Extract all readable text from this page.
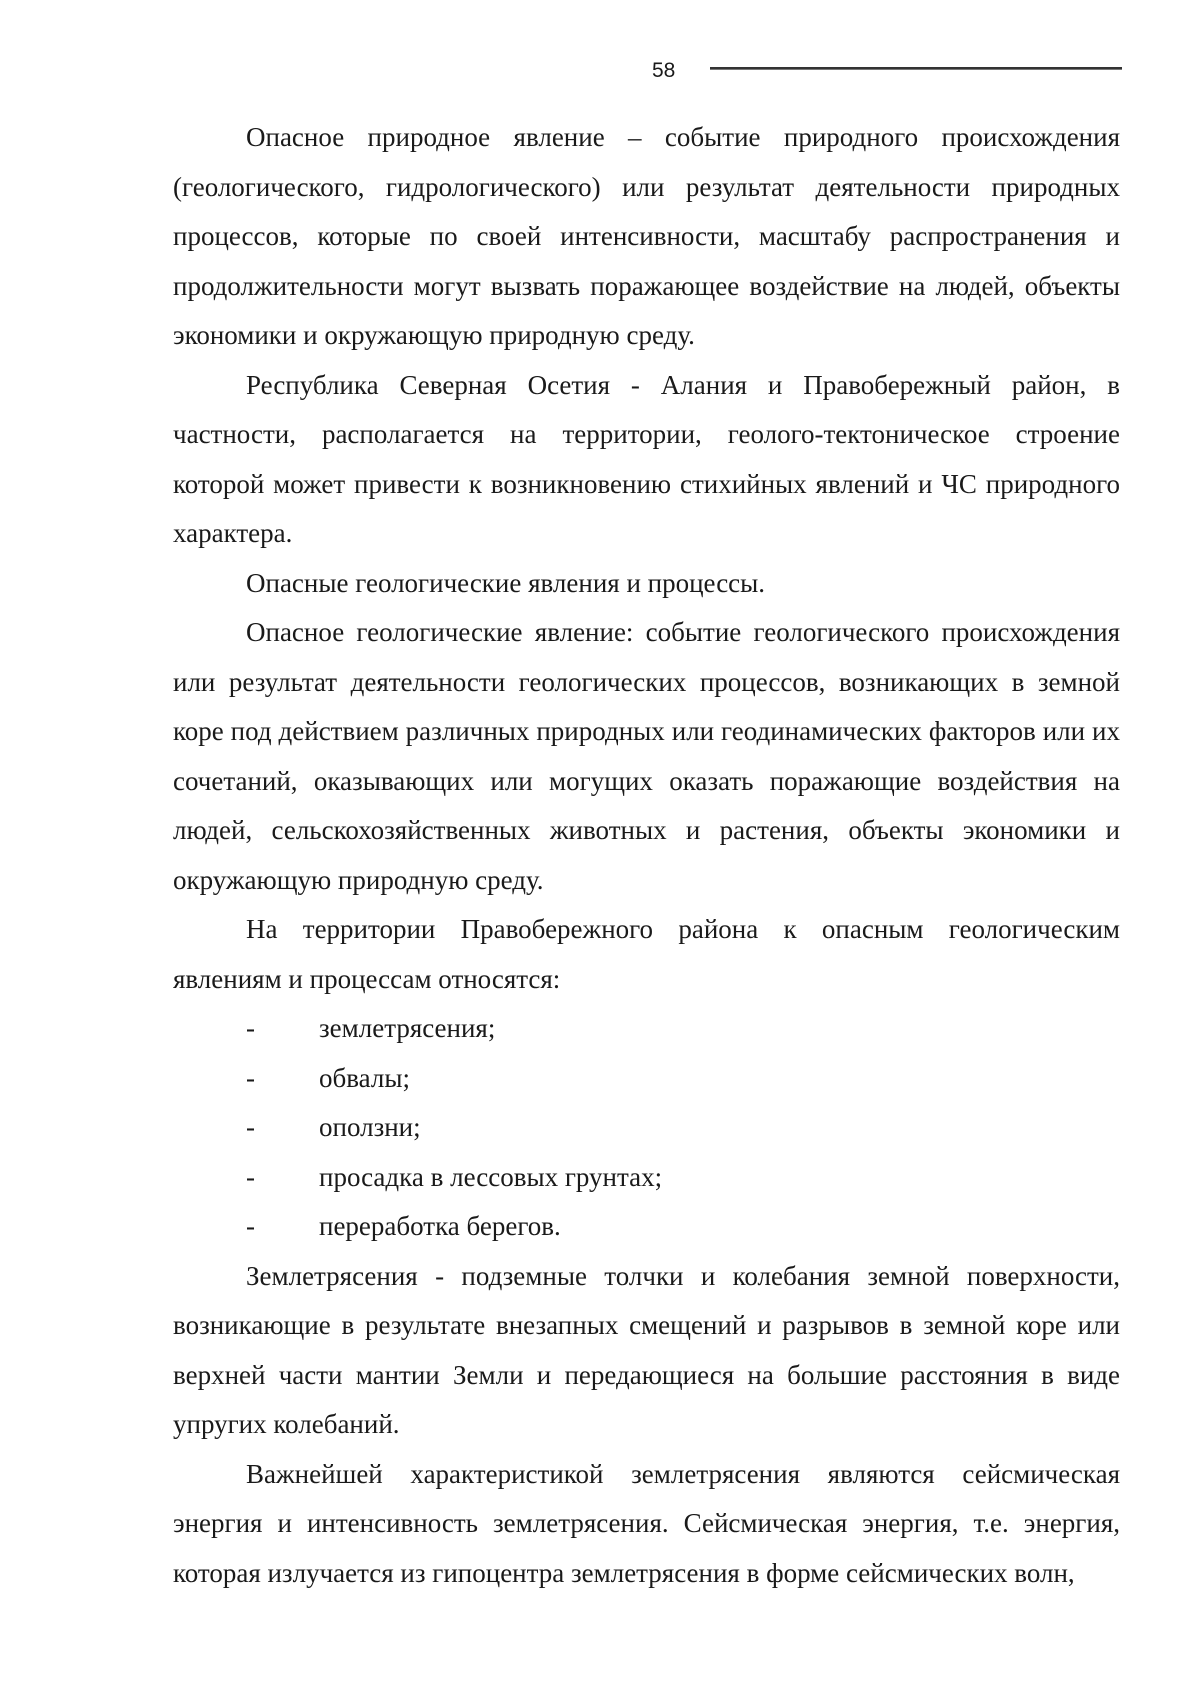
58

Опасное природное явление – событие природного происхождения (геологического, гидрологического) или результат деятельности природных процессов, которые по своей интенсивности, масштабу распространения и продолжительности могут вызвать поражающее воздействие на людей, объекты экономики и окружающую природную среду.

Республика Северная Осетия - Алания и Правобережный район, в частности, располагается на территории, геолого-тектоническое строение которой может привести к возникновению стихийных явлений и ЧС природного характера.

Опасные геологические явления и процессы.

Опасное геологические явление: событие геологического происхождения или результат деятельности геологических процессов, возникающих в земной коре под действием различных природных или геодинамических факторов или их сочетаний, оказывающих или могущих оказать поражающие воздействия на людей, сельскохозяйственных животных и растения, объекты экономики и окружающую природную среду.

На территории Правобережного района к опасным геологическим явлениям и процессам относятся:

-	землетрясения;
-	обвалы;
-	оползни;
-	просадка в лессовых грунтах;
-	переработка берегов.

Землетрясения - подземные толчки и колебания земной поверхности, возникающие в результате внезапных смещений и разрывов в земной коре или верхней части мантии Земли и передающиеся на большие расстояния в виде упругих колебаний.

Важнейшей характеристикой землетрясения являются сейсмическая энергия и интенсивность землетрясения. Сейсмическая энергия, т.е. энергия, которая излучается из гипоцентра землетрясения в форме сейсмических волн,
